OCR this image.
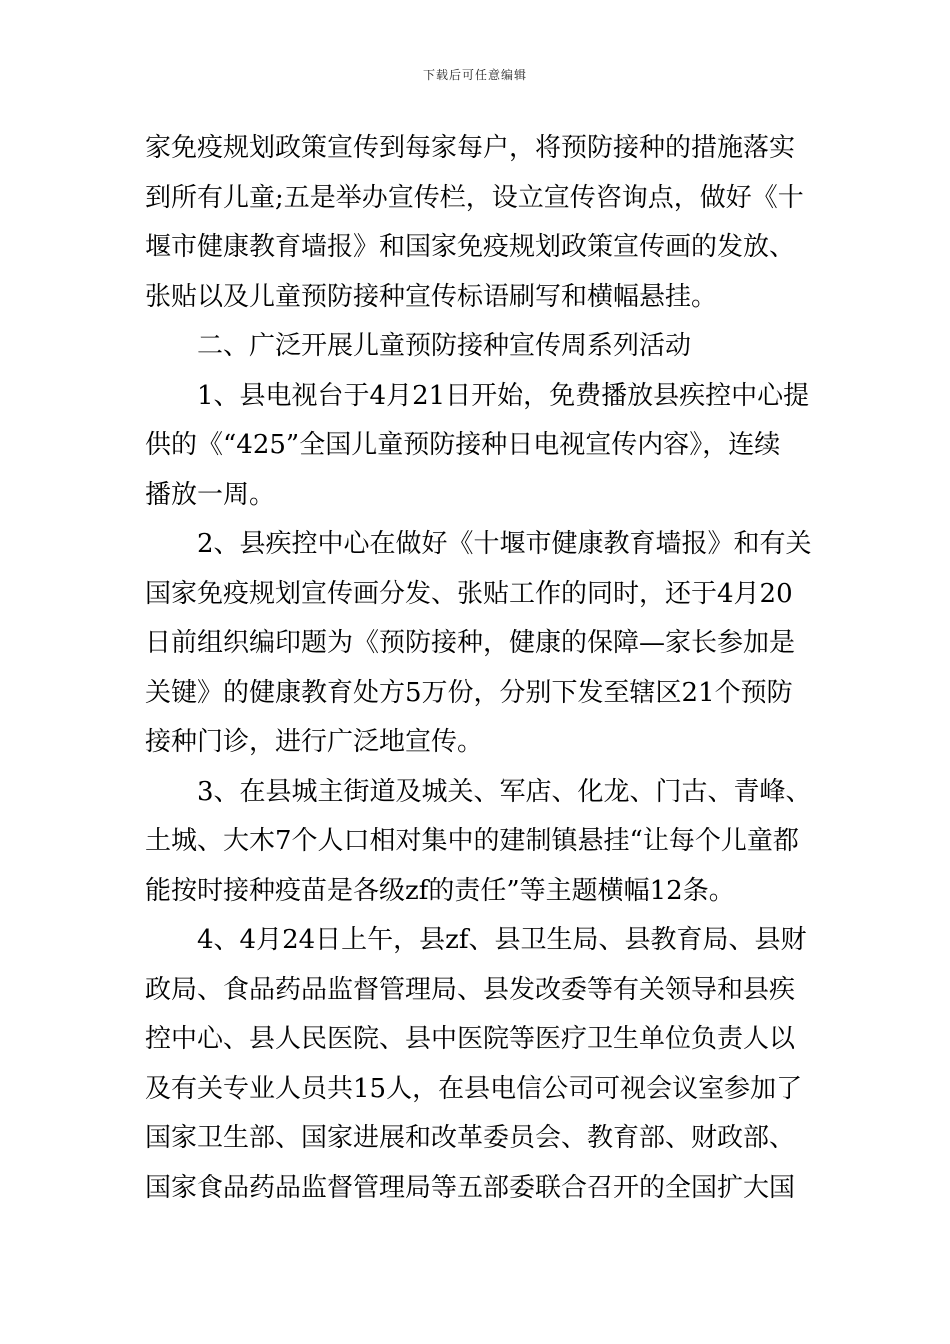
下载后可任意编辑
家免疫规划政策宣传到每家每户，将预防接种的措施落实
到所有儿童;五是举办宣传栏，设立宣传咨询点，做好《十
堰市健康教育墙报》和国家免疫规划政策宣传画的发放、
张贴以及儿童预防接种宣传标语刷写和横幅悬挂。
二、广泛开展儿童预防接种宣传周系列活动
1、县电视台于4月21日开始，免费播放县疾控中心提
供的《“425”全国儿童预防接种日电视宣传内容》，连续
播放一周。
2、县疾控中心在做好《十堰市健康教育墙报》和有关
国家免疫规划宣传画分发、张贴工作的同时，还于4月20
日前组织编印题为《预防接种，健康的保障—家长参加是
关键》的健康教育处方5万份，分别下发至辖区21个预防
接种门诊，进行广泛地宣传。
3、在县城主街道及城关、军店、化龙、门古、青峰、
土城、大木7个人口相对集中的建制镇悬挂“让每个儿童都
能按时接种疫苗是各级zf的责任”等主题横幅12条。
4、4月24日上午，县zf、县卫生局、县教育局、县财
政局、食品药品监督管理局、县发改委等有关领导和县疾
控中心、县人民医院、县中医院等医疗卫生单位负责人以
及有关专业人员共15人，在县电信公司可视会议室参加了
国家卫生部、国家进展和改革委员会、教育部、财政部、
国家食品药品监督管理局等五部委联合召开的全国扩大国
